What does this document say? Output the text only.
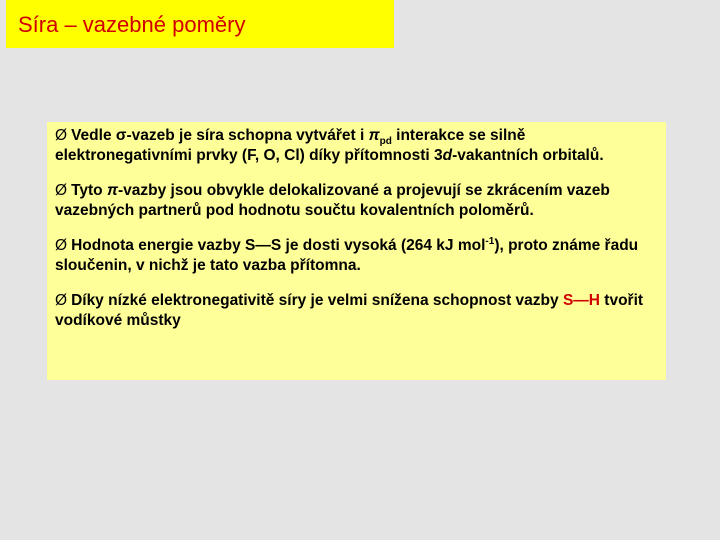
Síra – vazebné poměry
Ø Vedle σ-vazeb je síra schopna vytvářet i $\pi_{pd}$ interakce se silně elektronegativními prvky (F, O, Cl) díky přítomnosti 3d-vakantních orbitalů.
Ø Tyto π-vazby jsou obvykle delokalizované a projevují se zkrácením vazeb vazebných partnerů pod hodnotu součtu kovalentních poloměrů.
Ø Hodnota energie vazby S—S je dosti vysoká (264 kJ mol$^{-1}$), proto známe řadu sloučenin, v nichž je tato vazba přítomna.
Ø Díky nízké elektronegativitě síry je velmi snížena schopnost vazby S—H tvořit vodíkové můstky
